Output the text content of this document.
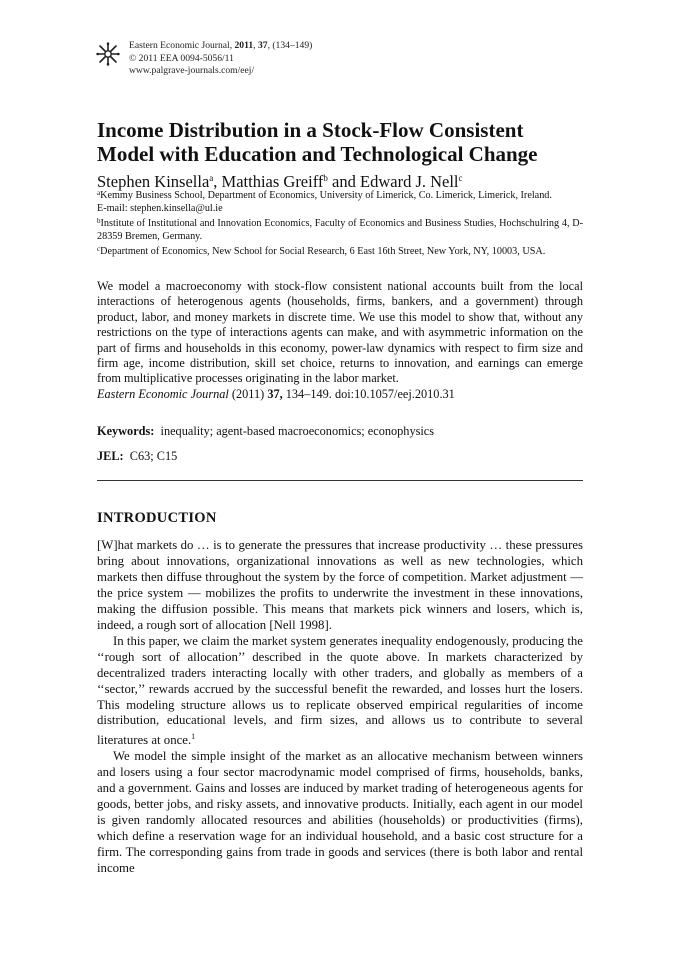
Eastern Economic Journal, 2011, 37, (134–149)
© 2011 EEA 0094-5056/11
www.palgrave-journals.com/eej/
Income Distribution in a Stock-Flow Consistent
Model with Education and Technological Change
Stephen Kinsella$^a$, Matthias Greiff$^b$ and Edward J. Nell$^c$

$^a$Kemmy Business School, Department of Economics, University of Limerick, Co. Limerick, Limerick, Ireland.

E-mail: stephen.kinsella@ul.ie

$^b$Institute of Institutional and Innovation Economics, Faculty of Economics and Business Studies, Hochschulring 4, D-28359 Bremen, Germany.

$^c$Department of Economics, New School for Social Research, 6 East 16th Street, New York, NY, 10003, USA.

We model a macroeconomy with stock-flow consistent national accounts built from the local interactions of heterogenous agents (households, firms, bankers, and a government) through product, labor, and money markets in discrete time. We use this model to show that, without any restrictions on the type of interactions agents can make, and with asymmetric information on the part of firms and households in this economy, power-law dynamics with respect to firm size and firm age, income distribution, skill set choice, returns to innovation, and earnings can emerge from multiplicative processes originating in the labor market.

Eastern Economic Journal (2011) 37, 134–149. doi:10.1057/eej.2010.31
Keywords:  inequality; agent-based macroeconomics; econophysics
JEL:  C63; C15
INTRODUCTION

[W]hat markets do … is to generate the pressures that increase productivity … these pressures bring about innovations, organizational innovations as well as new technologies, which markets then diffuse throughout the system by the force of competition. Market adjustment — the price system — mobilizes the profits to underwrite the investment in these innovations, making the diffusion possible. This means that markets pick winners and losers, which is, indeed, a rough sort of allocation [Nell 1998].

In this paper, we claim the market system generates inequality endogenously, producing the ‘‘rough sort of allocation’’ described in the quote above. In markets characterized by decentralized traders interacting locally with other traders, and globally as members of a ‘‘sector,’’ rewards accrued by the successful benefit the rewarded, and losses hurt the losers. This modeling structure allows us to replicate observed empirical regularities of income distribution, educational levels, and firm sizes, and allows us to contribute to several literatures at once.$^1$

We model the simple insight of the market as an allocative mechanism between winners and losers using a four sector macrodynamic model comprised of firms, households, banks, and a government. Gains and losses are induced by market trading of heterogeneous agents for goods, better jobs, and risky assets, and innovative products. Initially, each agent in our model is given randomly allocated resources and abilities (households) or productivities (firms), which define a reservation wage for an individual household, and a basic cost structure for a firm. The corresponding gains from trade in goods and services (there is both labor and rental income
